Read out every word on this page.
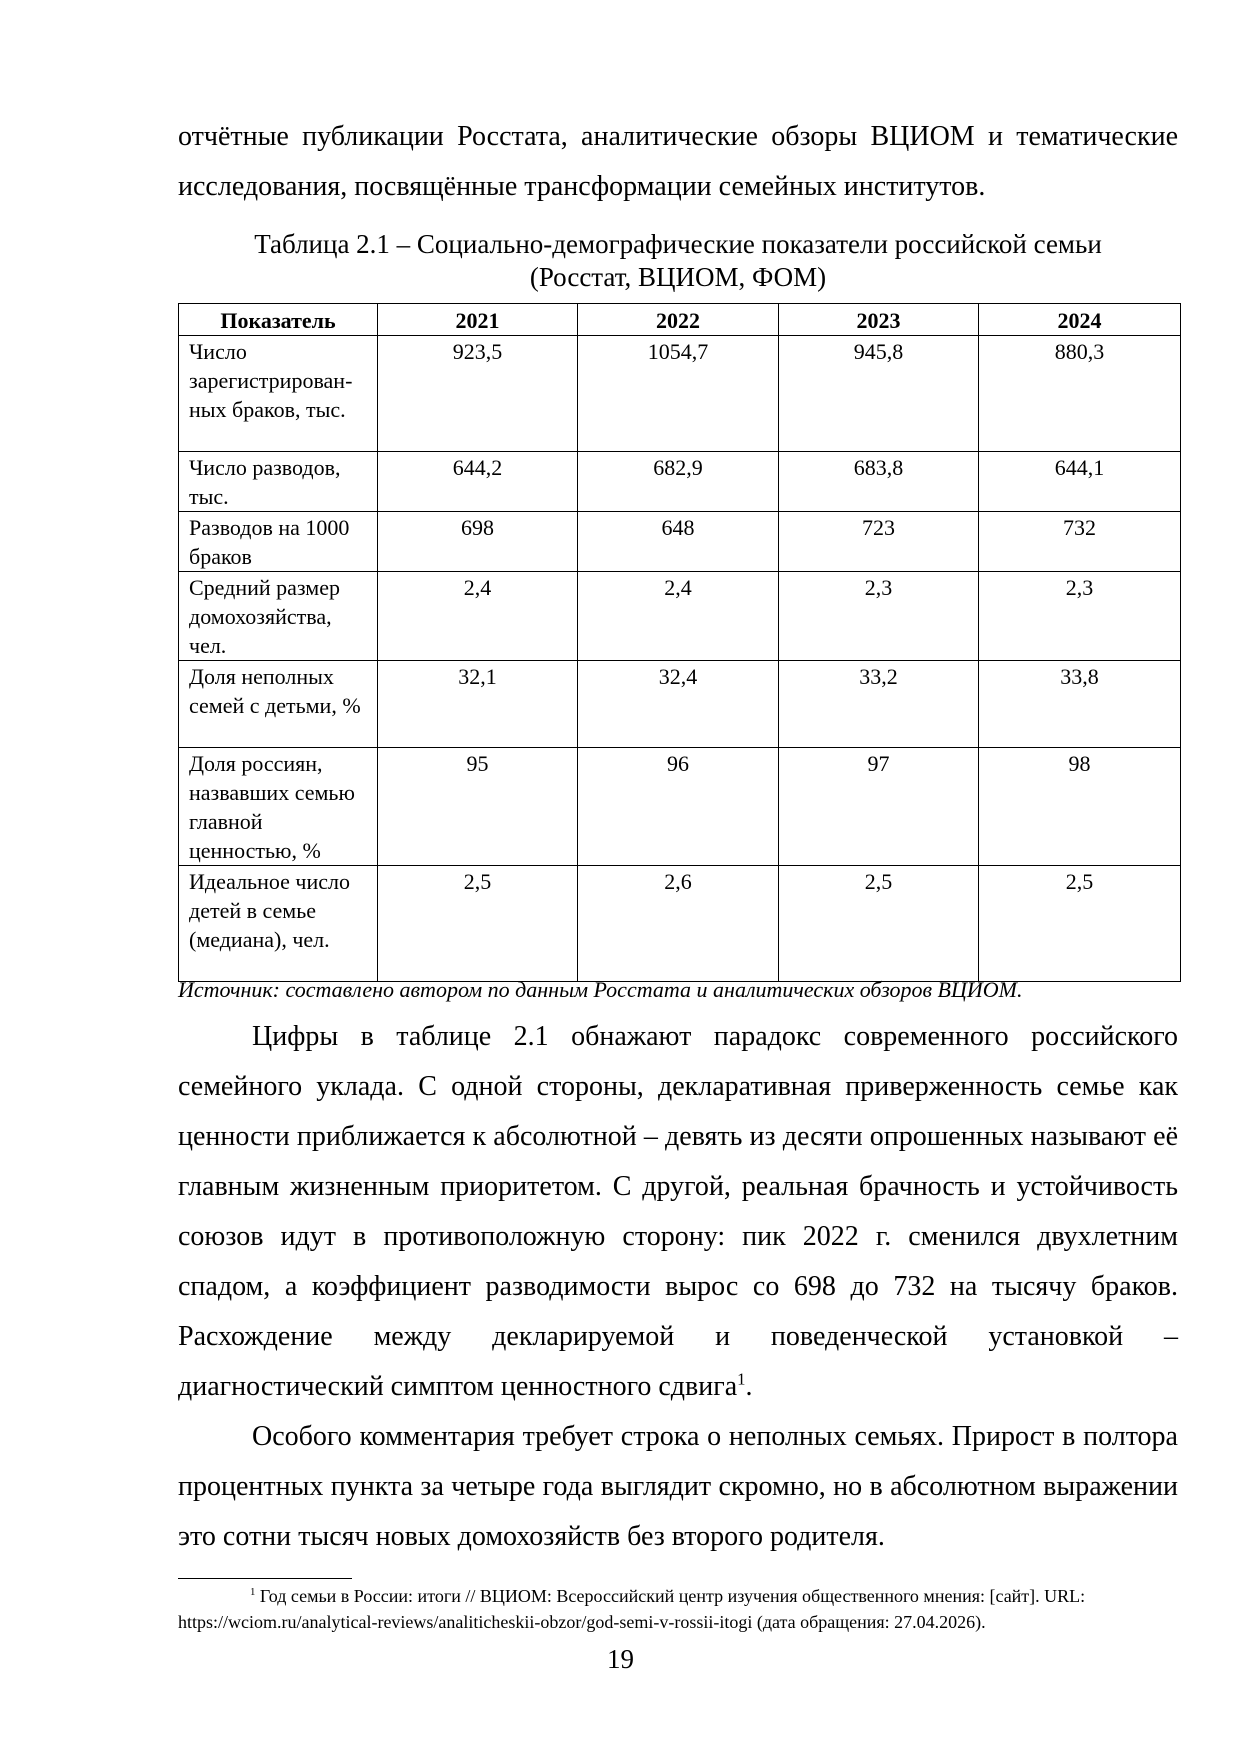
отчётные публикации Росстата, аналитические обзоры ВЦИОМ и тематические

исследования, посвящённые трансформации семейных институтов.

Таблица 2.1 – Социально-демографические показатели российской семьи
(Росстат, ВЦИОМ, ФОМ)

Показатель	2021	2022	2023	2024
Число зарегистрированных браков, тыс.	923,5	1054,7	945,8	880,3
Число разводов, тыс.	644,2	682,9	683,8	644,1
Разводов на 1000 браков	698	648	723	732
Средний размер домохозяйства, чел.	2,4	2,4	2,3	2,3
Доля неполных семей с детьми, %	32,1	32,4	33,2	33,8
Доля россиян, назвавших семью главной ценностью, %	95	96	97	98
Идеальное число детей в семье (медиана), чел.	2,5	2,6	2,5	2,5

Источник: составлено автором по данным Росстата и аналитических обзоров ВЦИОМ.

Цифры в таблице 2.1 обнажают парадокс современного российского семейного уклада. С одной стороны, декларативная приверженность семье как ценности приближается к абсолютной – девять из десяти опрошенных называют её главным жизненным приоритетом. С другой, реальная брачность и устойчивость союзов идут в противоположную сторону: пик 2022 г. сменился двухлетним спадом, а коэффициент разводимости вырос со 698 до 732 на тысячу браков. Расхождение между декларируемой и поведенческой установкой – диагностический симптом ценностного сдвига$^1$.

Особого комментария требует строка о неполных семьях. Прирост в полтора процентных пункта за четыре года выглядит скромно, но в абсолютном выражении это сотни тысяч новых домохозяйств без второго родителя.

$^1$ Год семьи в России: итоги // ВЦИОМ: Всероссийский центр изучения общественного мнения: [сайт]. URL: https://wciom.ru/analytical-reviews/analiticheskii-obzor/god-semi-v-rossii-itogi (дата обращения: 27.04.2026).

19
